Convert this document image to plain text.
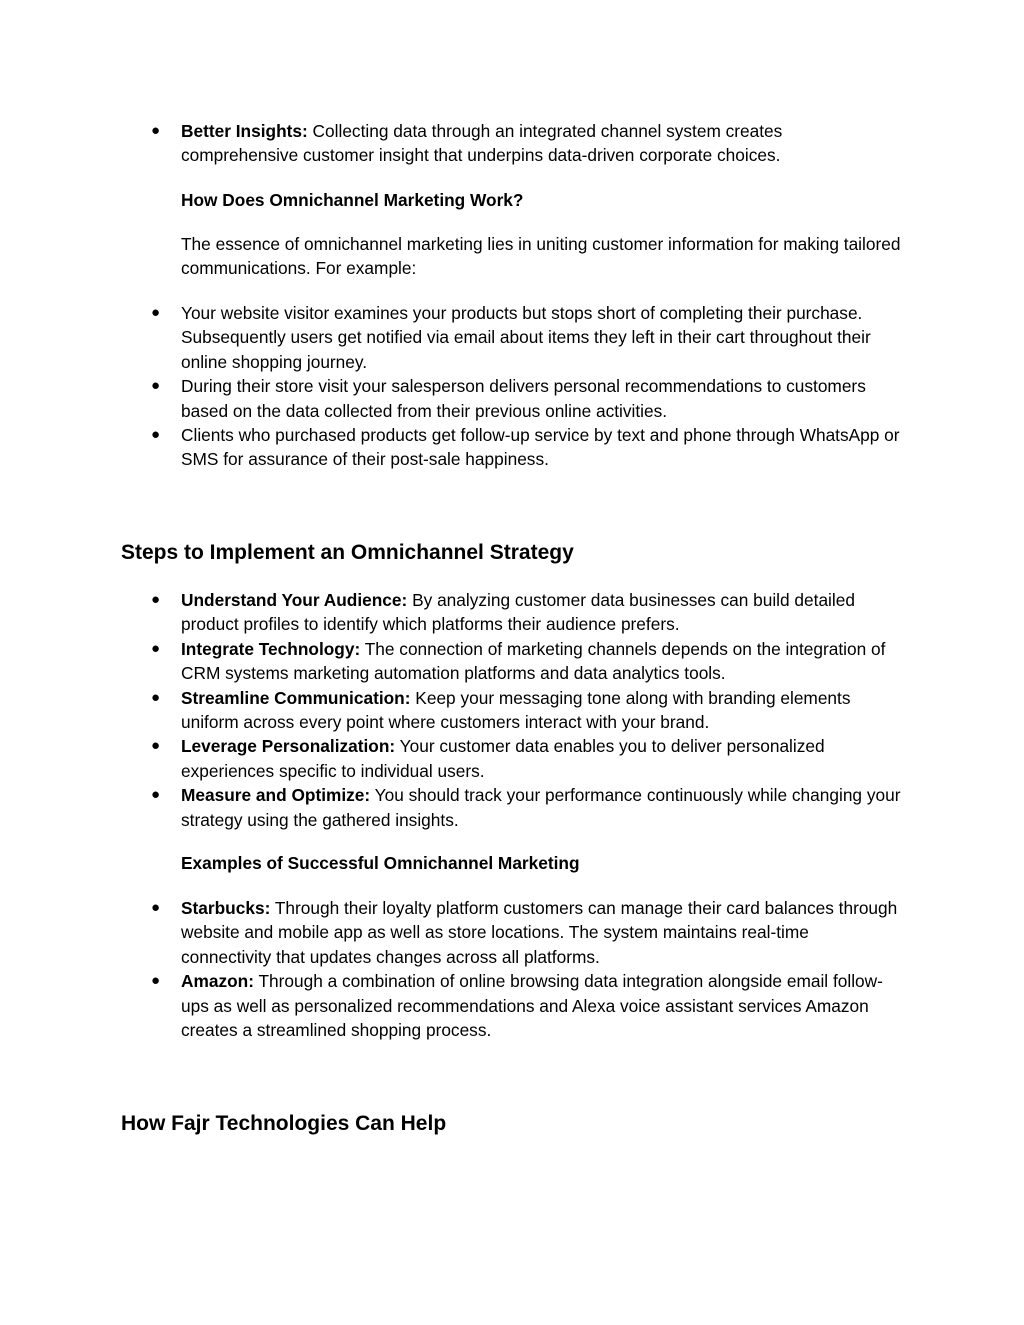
● Better Insights: Collecting data through an integrated channel system creates comprehensive customer insight that underpins data-driven corporate choices.

How Does Omnichannel Marketing Work?

The essence of omnichannel marketing lies in uniting customer information for making tailored communications. For example:

● Your website visitor examines your products but stops short of completing their purchase. Subsequently users get notified via email about items they left in their cart throughout their online shopping journey.
● During their store visit your salesperson delivers personal recommendations to customers based on the data collected from their previous online activities.
● Clients who purchased products get follow-up service by text and phone through WhatsApp or SMS for assurance of their post-sale happiness.
Steps to Implement an Omnichannel Strategy
● Understand Your Audience: By analyzing customer data businesses can build detailed product profiles to identify which platforms their audience prefers.
● Integrate Technology: The connection of marketing channels depends on the integration of CRM systems marketing automation platforms and data analytics tools.
● Streamline Communication: Keep your messaging tone along with branding elements uniform across every point where customers interact with your brand.
● Leverage Personalization: Your customer data enables you to deliver personalized experiences specific to individual users.
● Measure and Optimize: You should track your performance continuously while changing your strategy using the gathered insights.

Examples of Successful Omnichannel Marketing

● Starbucks: Through their loyalty platform customers can manage their card balances through website and mobile app as well as store locations. The system maintains real-time connectivity that updates changes across all platforms.
● Amazon: Through a combination of online browsing data integration alongside email follow-ups as well as personalized recommendations and Alexa voice assistant services Amazon creates a streamlined shopping process.
How Fajr Technologies Can Help
